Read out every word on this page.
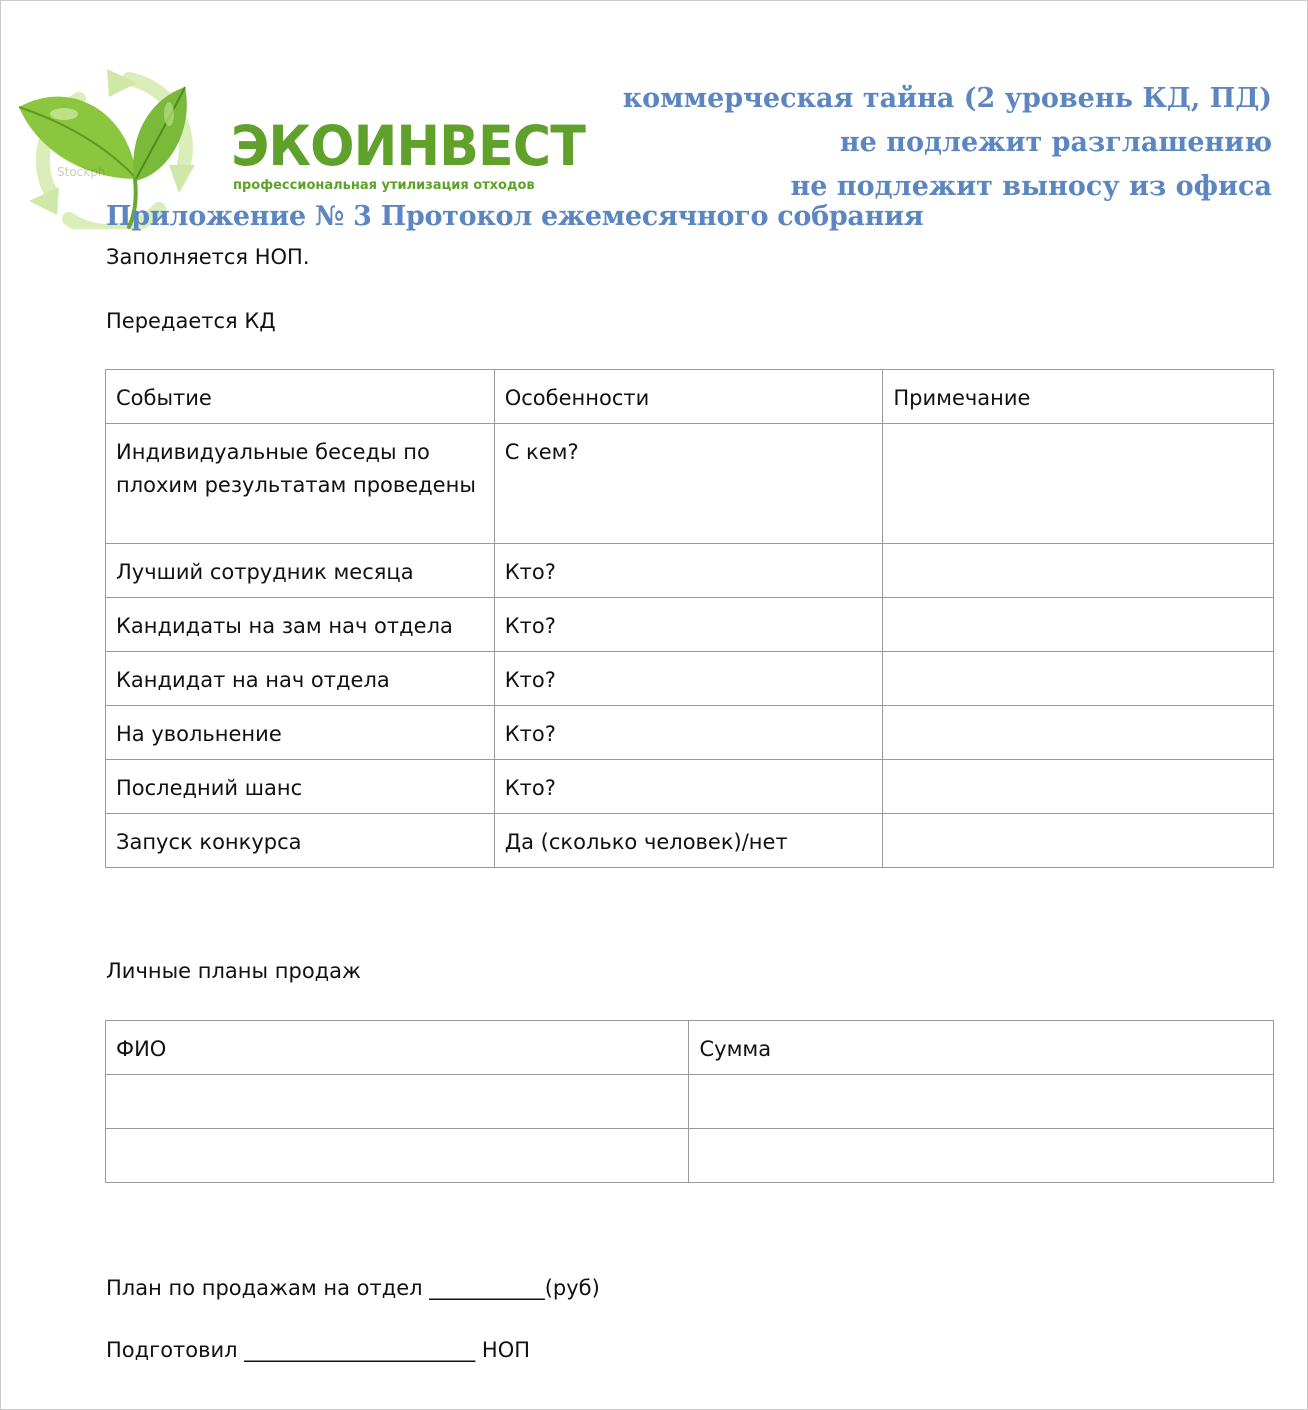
ЭКОИНВЕСТ
профессиональная утилизация отходов
Stockph
коммерческая тайна (2 уровень КД, ПД)
не подлежит разглашению
не подлежит выносу из офиса
Приложение № 3 Протокол ежемесячного собрания
Заполняется НОП.
Передается КД
Событие	Особенности	Примечание
Индивидуальные беседы по плохим результатам проведены	С кем?	
Лучший сотрудник месяца	Кто?	
Кандидаты на зам нач отдела	Кто?	
Кандидат на нач отдела	Кто?	
На увольнение	Кто?	
Последний шанс	Кто?	
Запуск конкурса	Да (сколько человек)/нет	
Личные планы продаж
ФИО	Сумма

План по продажам на отдел ___________(руб)
Подготовил ______________________ НОП
